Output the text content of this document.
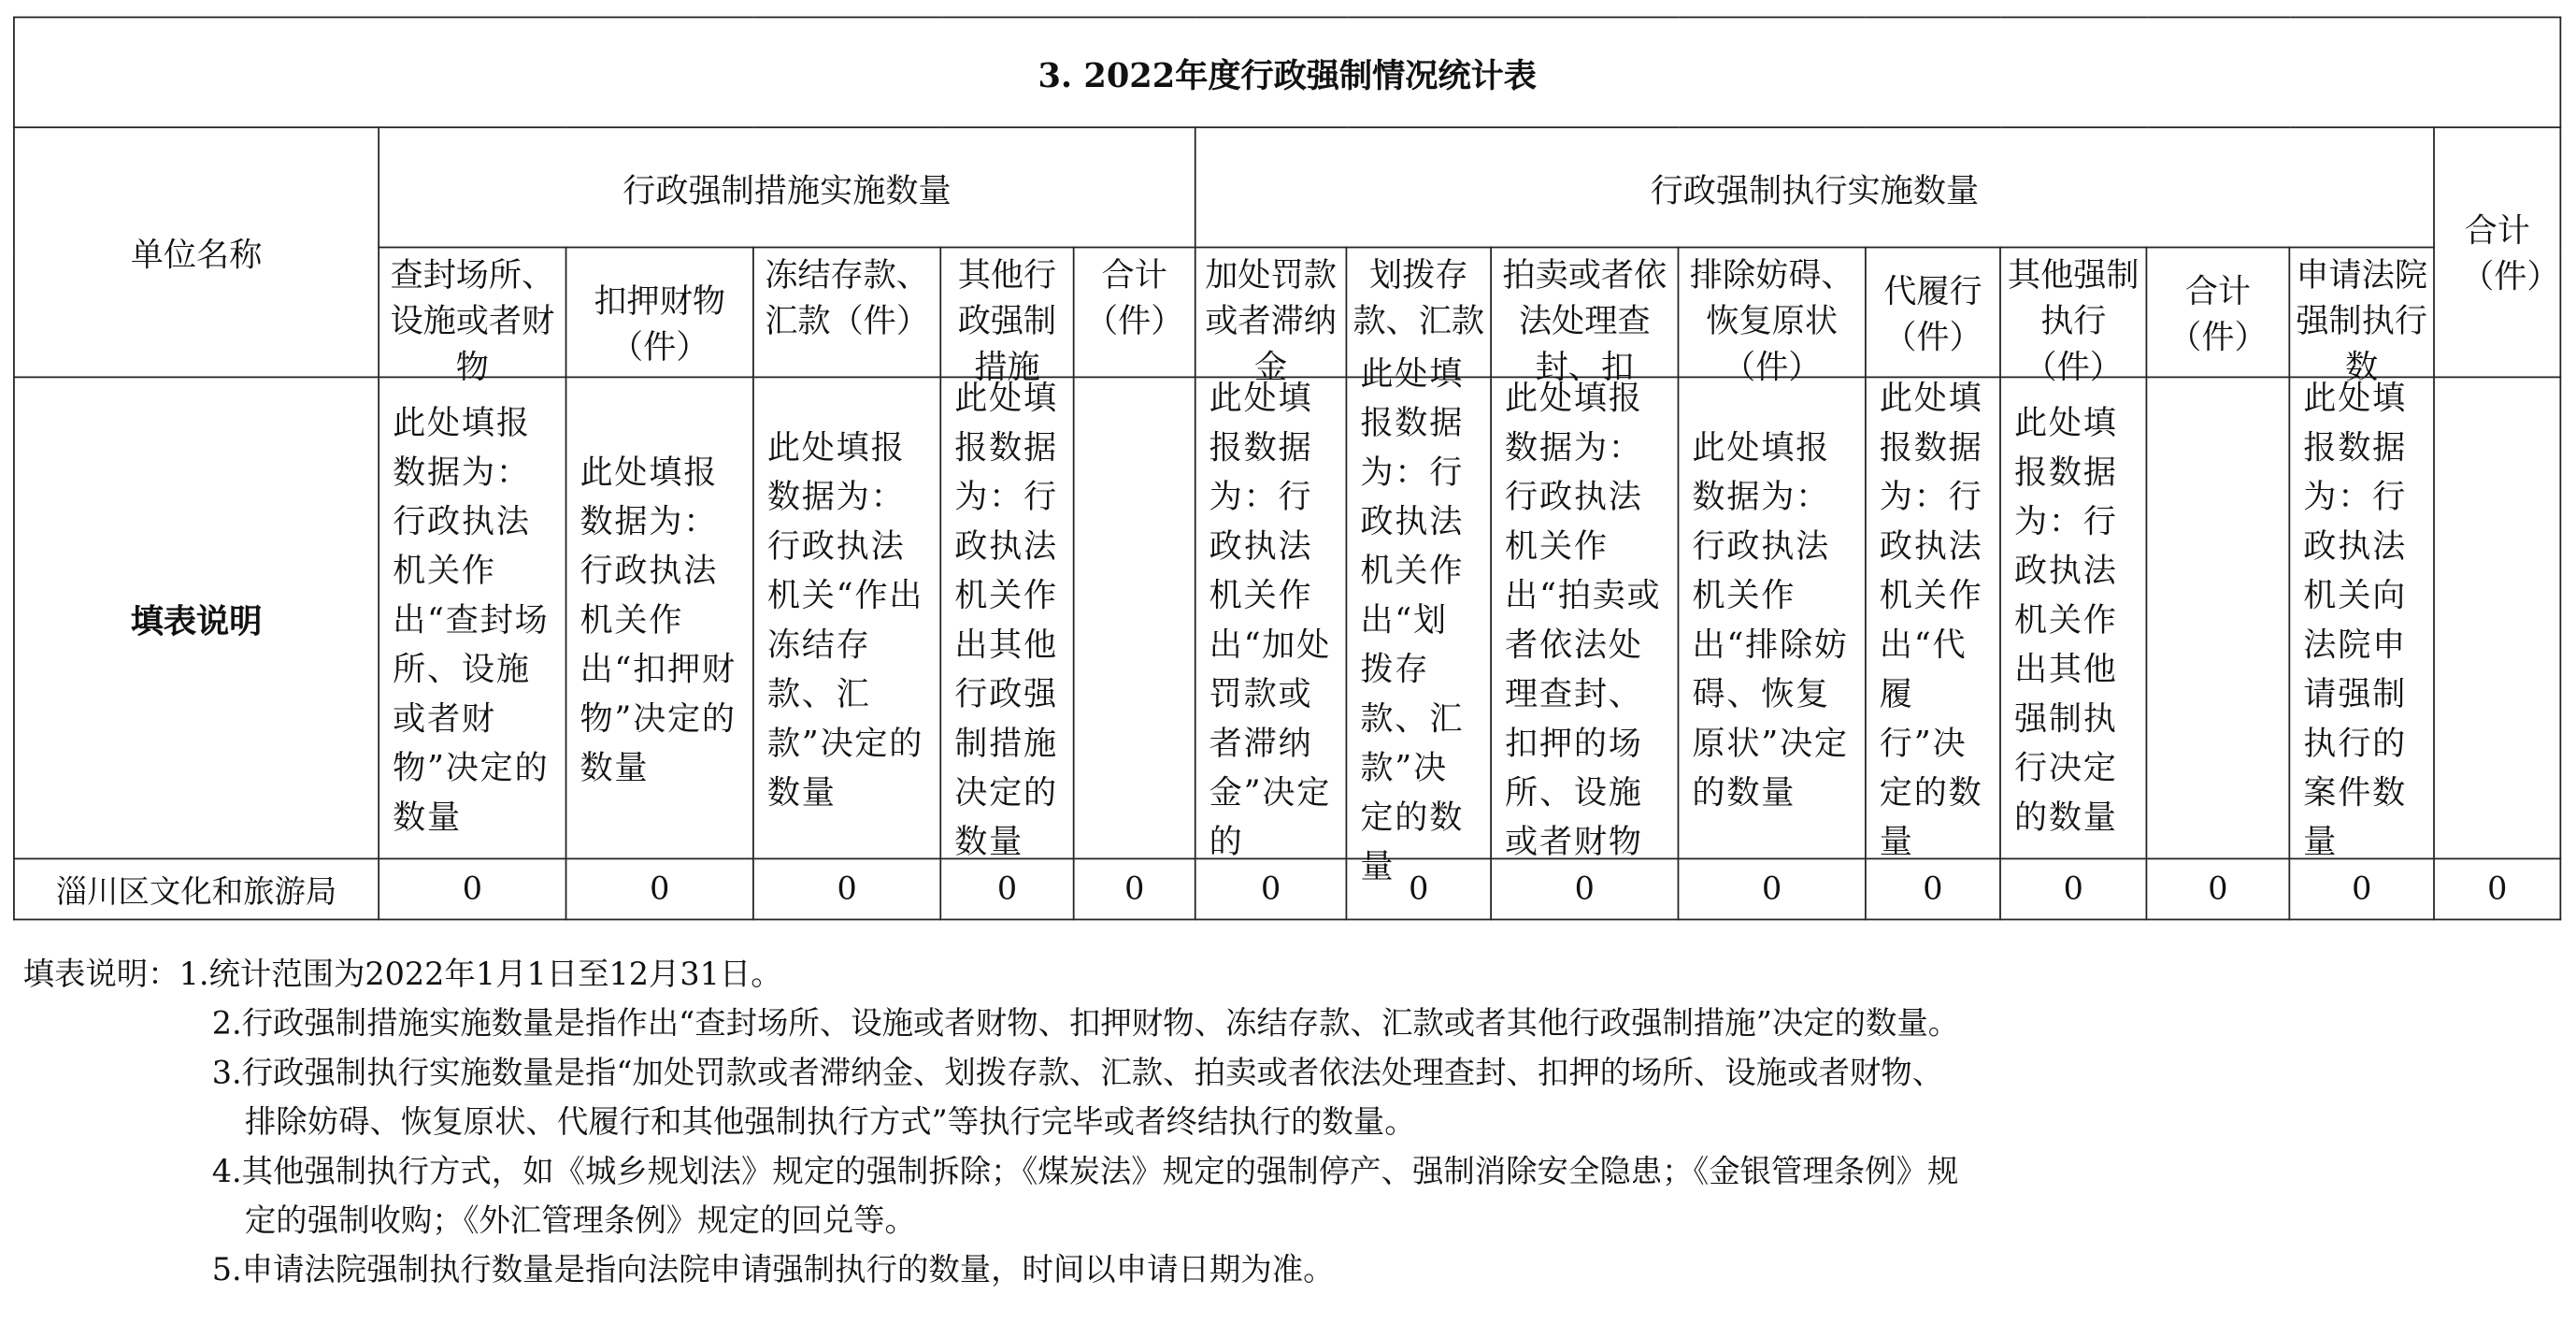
3. 2022年度行政强制情况统计表														
单位名称	行政强制措施实施数量					行政强制执行实施数量								合计（件）

	查封场所、设施或者财物	扣押财物（件）	冻结存款、汇款（件）	其他行政强制措施	合计（件）	加处罚款或者滞纳金	划拨存款、汇款	拍卖或者依法处理查封、扣	排除妨碍、恢复原状（件）	代履行（件）	其他强制执行（件）	合计（件）	申请法院强制执行数	

填表说明	此处填报数据为：行政执法机关作出“查封场所、设施或者财物”决定的数量	此处填报数据为：行政执法机关作出“扣押财物”决定的数量	此处填报数据为：行政执法机关“作出冻结存款、汇款”决定的数量	此处填报数据为：行政执法机关作出其他行政强制措施决定的数量		此处填报数据为：行政执法机关作出“加处罚款或者滞纳金”决定的	此处填报数据为：行政执法机关作出“划拨存款、汇款”决定的数量	此处填报数据为：行政执法机关作出“拍卖或者依法处理查封、扣押的场所、设施或者财物	此处填报数据为：行政执法机关作出“排除妨碍、恢复原状”决定的数量	此处填报数据为：行政执法机关作出“代履行”决定的数量	此处填报数据为：行政执法机关作出其他强制执行决定的数量		此处填报数据为：行政执法机关向法院申请强制执行的案件数量	

淄川区文化和旅游局	0	0	0	0	0	0	0	0	0	0	0	0	0	0
填表说明：1.统计范围为2022年1月1日至12月31日。
2.行政强制措施实施数量是指作出“查封场所、设施或者财物、扣押财物、冻结存款、汇款或者其他行政强制措施”决定的数量。
3.行政强制执行实施数量是指“加处罚款或者滞纳金、划拨存款、汇款、拍卖或者依法处理查封、扣押的场所、设施或者财物、
排除妨碍、恢复原状、代履行和其他强制执行方式”等执行完毕或者终结执行的数量。
4.其他强制执行方式，如《城乡规划法》规定的强制拆除；《煤炭法》规定的强制停产、强制消除安全隐患；《金银管理条例》规
定的强制收购；《外汇管理条例》规定的回兑等。
5.申请法院强制执行数量是指向法院申请强制执行的数量，时间以申请日期为准。
